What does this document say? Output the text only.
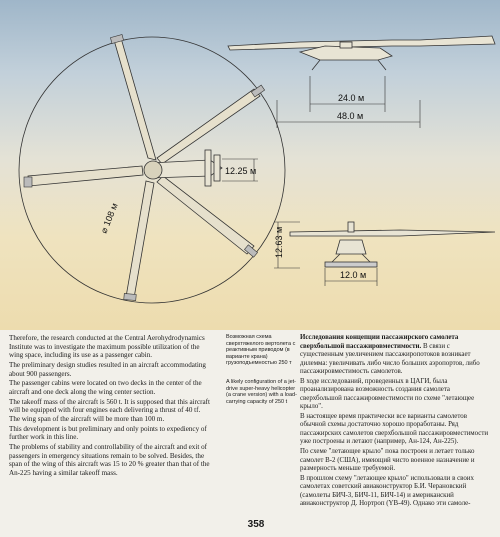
12.25 м
⌀ 108 м
24.0 м
48.0 м
12.63 м
12.0 м

Therefore, the research conducted at the Central Aerohydrodynamics Institute was to investigate the maximum possible utilization of the wing space, including its use as a passenger cabin.

The preliminary design studies resulted in an aircraft accommodating about 900 passengers.

The passenger cabins were located on two decks in the center of the aircraft and one deck along the wing center section.

The takeoff mass of the aircraft is 560 t. It is supposed that this aircraft will be equipped with four engines each delivering a thrust of 40 tf. The wing span of the aircraft will be more than 100 m.

This development is but preliminary and only points to expediency of further work in this line.

The problems of stability and controllability of the aircraft and exit of passengers in emergency situations remain to be solved. Besides, the span of the wing of this aircraft was 15 to 20 % greater than that of the An-225 having a similar takeoff mass.

Возможная схема сверхтяжелого вертолета с реактивным приводом (в варианте крана) грузоподъемностью 250 т

A likely configuration of a jet-drive super-heavy helicopter (a crane version) with a load-carrying capacity of 250 t

Исследования концепции пассажирского самолета сверхбольшой пассажировместимости. В связи с существенным увеличением пассажиропотоков возникает дилемма: увеличивать либо число больших аэропортов, либо пассажировместимость самолетов.

В ходе исследований, проведенных в ЦАГИ, была проанализирована возможность создания самолета сверхбольшой пассажировместимости по схеме "летающее крыло".

В настоящее время практически все варианты самолетов обычной схемы достаточно хорошо проработаны. Ряд пассажирских самолетов сверхбольшой пассажировместимости уже построены и летают (например, Ан-124, Ан-225).

По схеме "летающее крыло" пока построен и летает только самолет B-2 (США), имеющий чисто военное назначение и размерность меньше требуемой.

В прошлом схему "летающее крыло" использовали в своих самолетах советский авиаконструктор Б.И. Черановский (самолеты БИЧ-3, БИЧ-11, БИЧ-14) и американский авиаконструктор Д. Нортроп (YB-49). Однако эти самоле-

358
